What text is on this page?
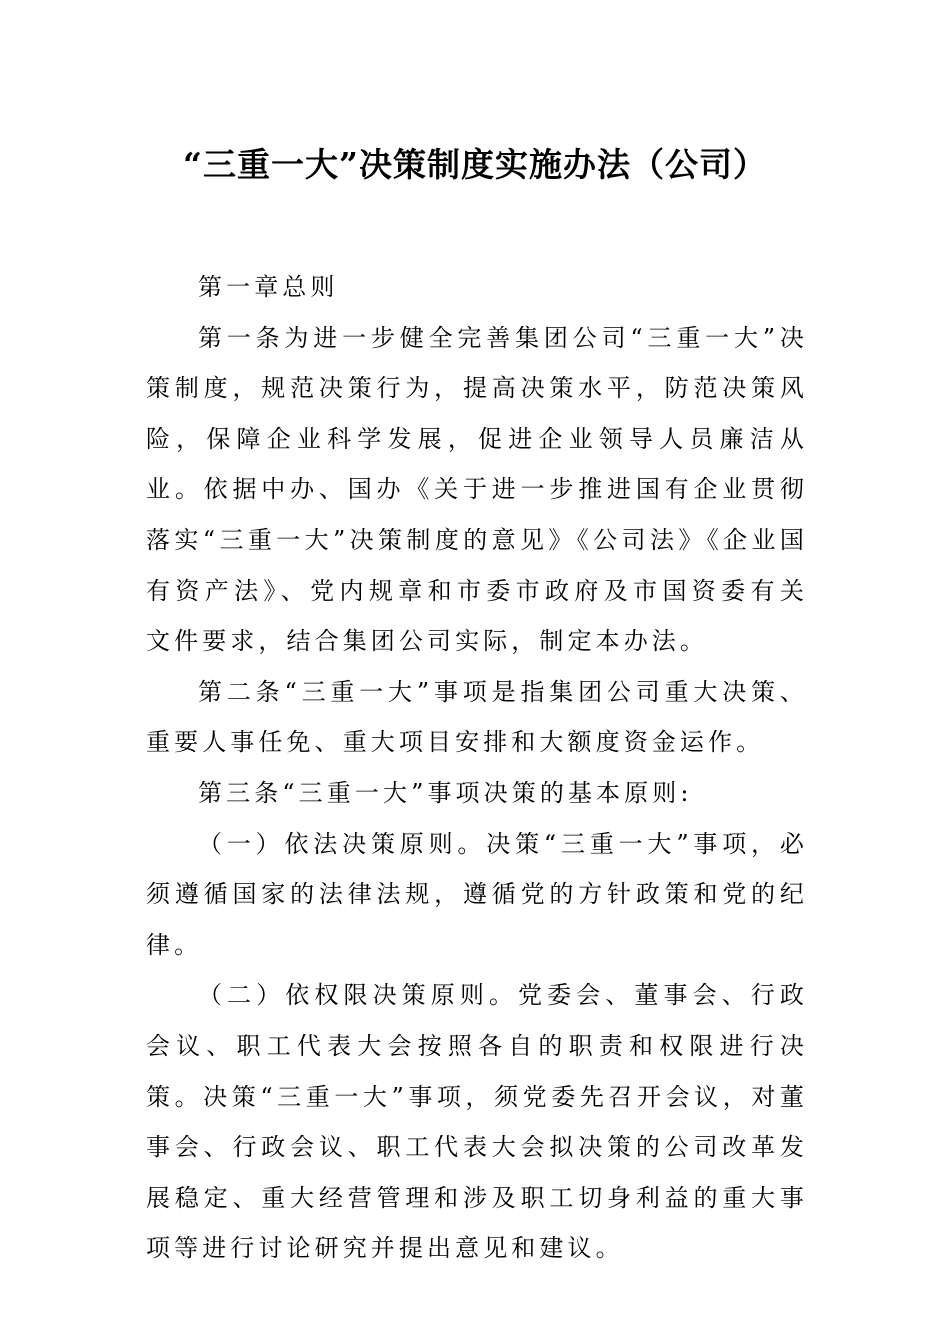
“三重一大”决策制度实施办法（公司）

第一章总则

第一条为进一步健全完善集团公司“三重一大”决策制度，规范决策行为，提高决策水平，防范决策风险，保障企业科学发展，促进企业领导人员廉洁从业。依据中办、国办《关于进一步推进国有企业贯彻落实“三重一大”决策制度的意见》《公司法》《企业国有资产法》、党内规章和市委市政府及市国资委有关文件要求，结合集团公司实际，制定本办法。

第二条“三重一大”事项是指集团公司重大决策、重要人事任免、重大项目安排和大额度资金运作。

第三条“三重一大”事项决策的基本原则:

（一）依法决策原则。决策“三重一大”事项，必须遵循国家的法律法规，遵循党的方针政策和党的纪律。

（二）依权限决策原则。党委会、董事会、行政会议、职工代表大会按照各自的职责和权限进行决策。决策“三重一大”事项，须党委先召开会议，对董事会、行政会议、职工代表大会拟决策的公司改革发展稳定、重大经营管理和涉及职工切身利益的重大事项等进行讨论研究并提出意见和建议。
